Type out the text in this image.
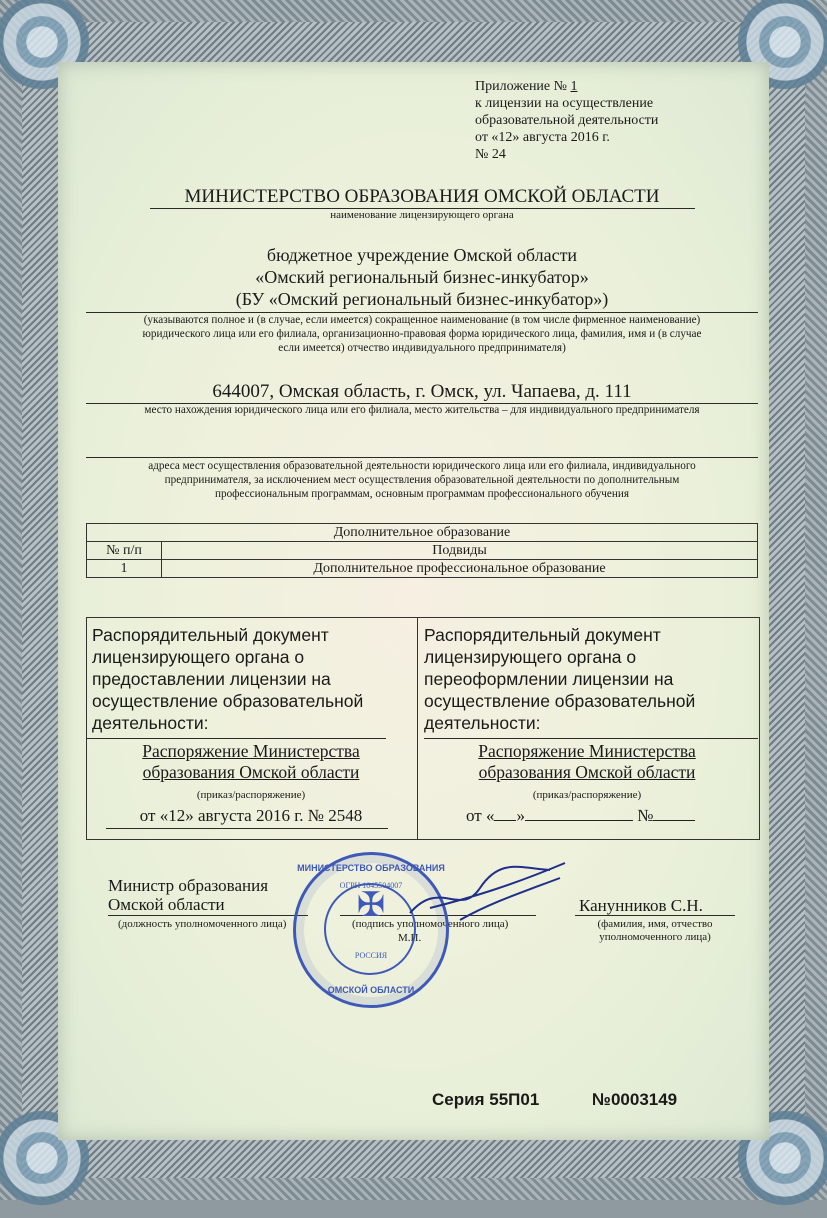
Приложение № 1
к лицензии на осуществление
образовательной деятельности
от «12» августа 2016 г.
№ 24
МИНИСТЕРСТВО ОБРАЗОВАНИЯ ОМСКОЙ ОБЛАСТИ
наименование лицензирующего органа
бюджетное учреждение Омской области
«Омский региональный бизнес-инкубатор»
(БУ «Омский региональный бизнес-инкубатор»)
(указываются полное и (в случае, если имеется) сокращенное наименование (в том числе фирменное наименование)
юридического лица или его филиала, организационно-правовая форма юридического лица, фамилия, имя и (в случае
если имеется) отчество индивидуального предпринимателя)
644007, Омская область, г. Омск, ул. Чапаева, д. 111
место нахождения юридического лица или его филиала, место жительства – для индивидуального предпринимателя
адреса мест осуществления образовательной деятельности юридического лица или его филиала, индивидуального
предпринимателя, за исключением мест осуществления образовательной деятельности по дополнительным
профессиональным программам, основным программам профессионального обучения
Дополнительное образование	
№ п/п	Подвиды
1	Дополнительное профессиональное образование
Распорядительный документ
лицензирующего органа о
предоставлении лицензии на
осуществление образовательной
деятельности:
Распоряжение Министерства
образования Омской области
(приказ/распоряжение)
от «12» августа 2016 г. № 2548
Распорядительный документ
лицензирующего органа о
переоформлении лицензии на
осуществление образовательной
деятельности:
Распоряжение Министерства
образования Омской области
(приказ/распоряжение)
от « »	№
Министр образования
Омской области
(должность уполномоченного лица)	(подпись уполномоченного лица)
М.П.
Канунников С.Н.
(фамилия, имя, отчество
уполномоченного лица)
МИНИСТЕРСТВО ОБРАЗОВАНИЯ
✠
ОГРН 1045504007
РОССИЯ
ОМСКОЙ ОБЛАСТИ
Серия 55П01	№0003149
